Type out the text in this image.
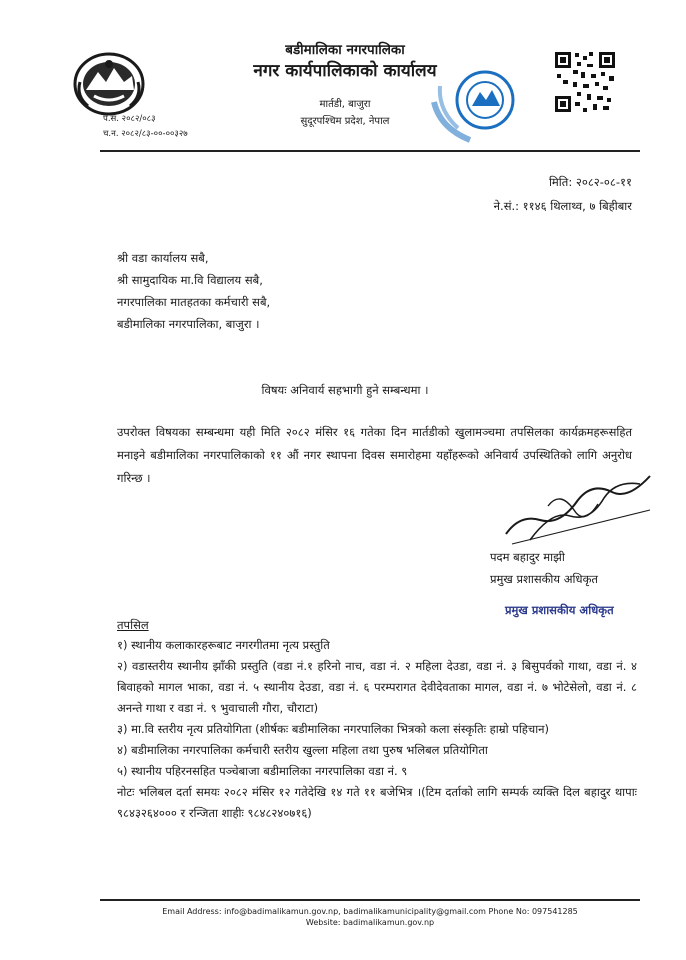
प.स. २०८२/०८३
च.न. २०८२/८३-००-००३२७
बडीमालिका नगरपालिका
नगर कार्यपालिकाको कार्यालय
मार्तडी, बाजुरा
सुदूरपश्चिम प्रदेश, नेपाल
मिति: २०८२-०८-११
ने.सं.: ११४६ थिलाथ्व, ७ बिहीबार
श्री वडा कार्यालय सबै,
श्री सामुदायिक मा.वि विद्यालय सबै,
नगरपालिका मातहतका कर्मचारी सबै,
बडीमालिका नगरपालिका, बाजुरा ।
विषयः अनिवार्य सहभागी हुने सम्बन्धमा ।
उपरोक्त विषयका सम्बन्धमा यही मिति २०८२ मंसिर १६ गतेका दिन मार्तडीको खुलामञ्चमा तपसिलका कार्यक्रमहरूसहित मनाइने बडीमालिका नगरपालिकाको ११ औं नगर स्थापना दिवस समारोहमा यहाँहरूको अनिवार्य उपस्थितिको लागि अनुरोध गरिन्छ ।
पदम बहादुर माझी
प्रमुख प्रशासकीय अधिकृत
प्रमुख प्रशासकीय अधिकृत
तपसिल
१) स्थानीय कलाकारहरूबाट नगरगीतमा नृत्य प्रस्तुति
२) वडास्तरीय स्थानीय झाँकी प्रस्तुति (वडा नं.१ हरिनो नाच, वडा नं. २ महिला देउडा, वडा नं. ३ बिसुपर्वको गाथा, वडा नं. ४ बिवाहको मागल भाका, वडा नं. ५ स्थानीय देउडा, वडा नं. ६ परम्परागत देवीदेवताका मागल, वडा नं. ७ भोटेसेलो, वडा नं. ८ अनन्ते गाथा र वडा नं. ९ भुवाचाली गौरा, चौराटा)
३) मा.वि स्तरीय नृत्य प्रतियोगिता (शीर्षकः बडीमालिका नगरपालिका भित्रको कला संस्कृतिः हाम्रो पहिचान)
४) बडीमालिका नगरपालिका कर्मचारी स्तरीय खुल्ला महिला तथा पुरुष भलिबल प्रतियोगिता
५) स्थानीय पहिरनसहित पञ्चेबाजा बडीमालिका नगरपालिका वडा नं. ९
नोटः भलिबल दर्ता समयः २०८२ मंसिर १२ गतेदेखि १४ गते ११ बजेभित्र ।(टिम दर्ताको लागि सम्पर्क व्यक्ति दिल बहादुर थापाः ९८४३२६४००० र रन्जिता शाहीः ९८४८२४०७१६)
Email Address: info@badimalikamun.gov.np, badimalikamunicipality@gmail.com Phone No: 097541285
Website: badimalikamun.gov.np
